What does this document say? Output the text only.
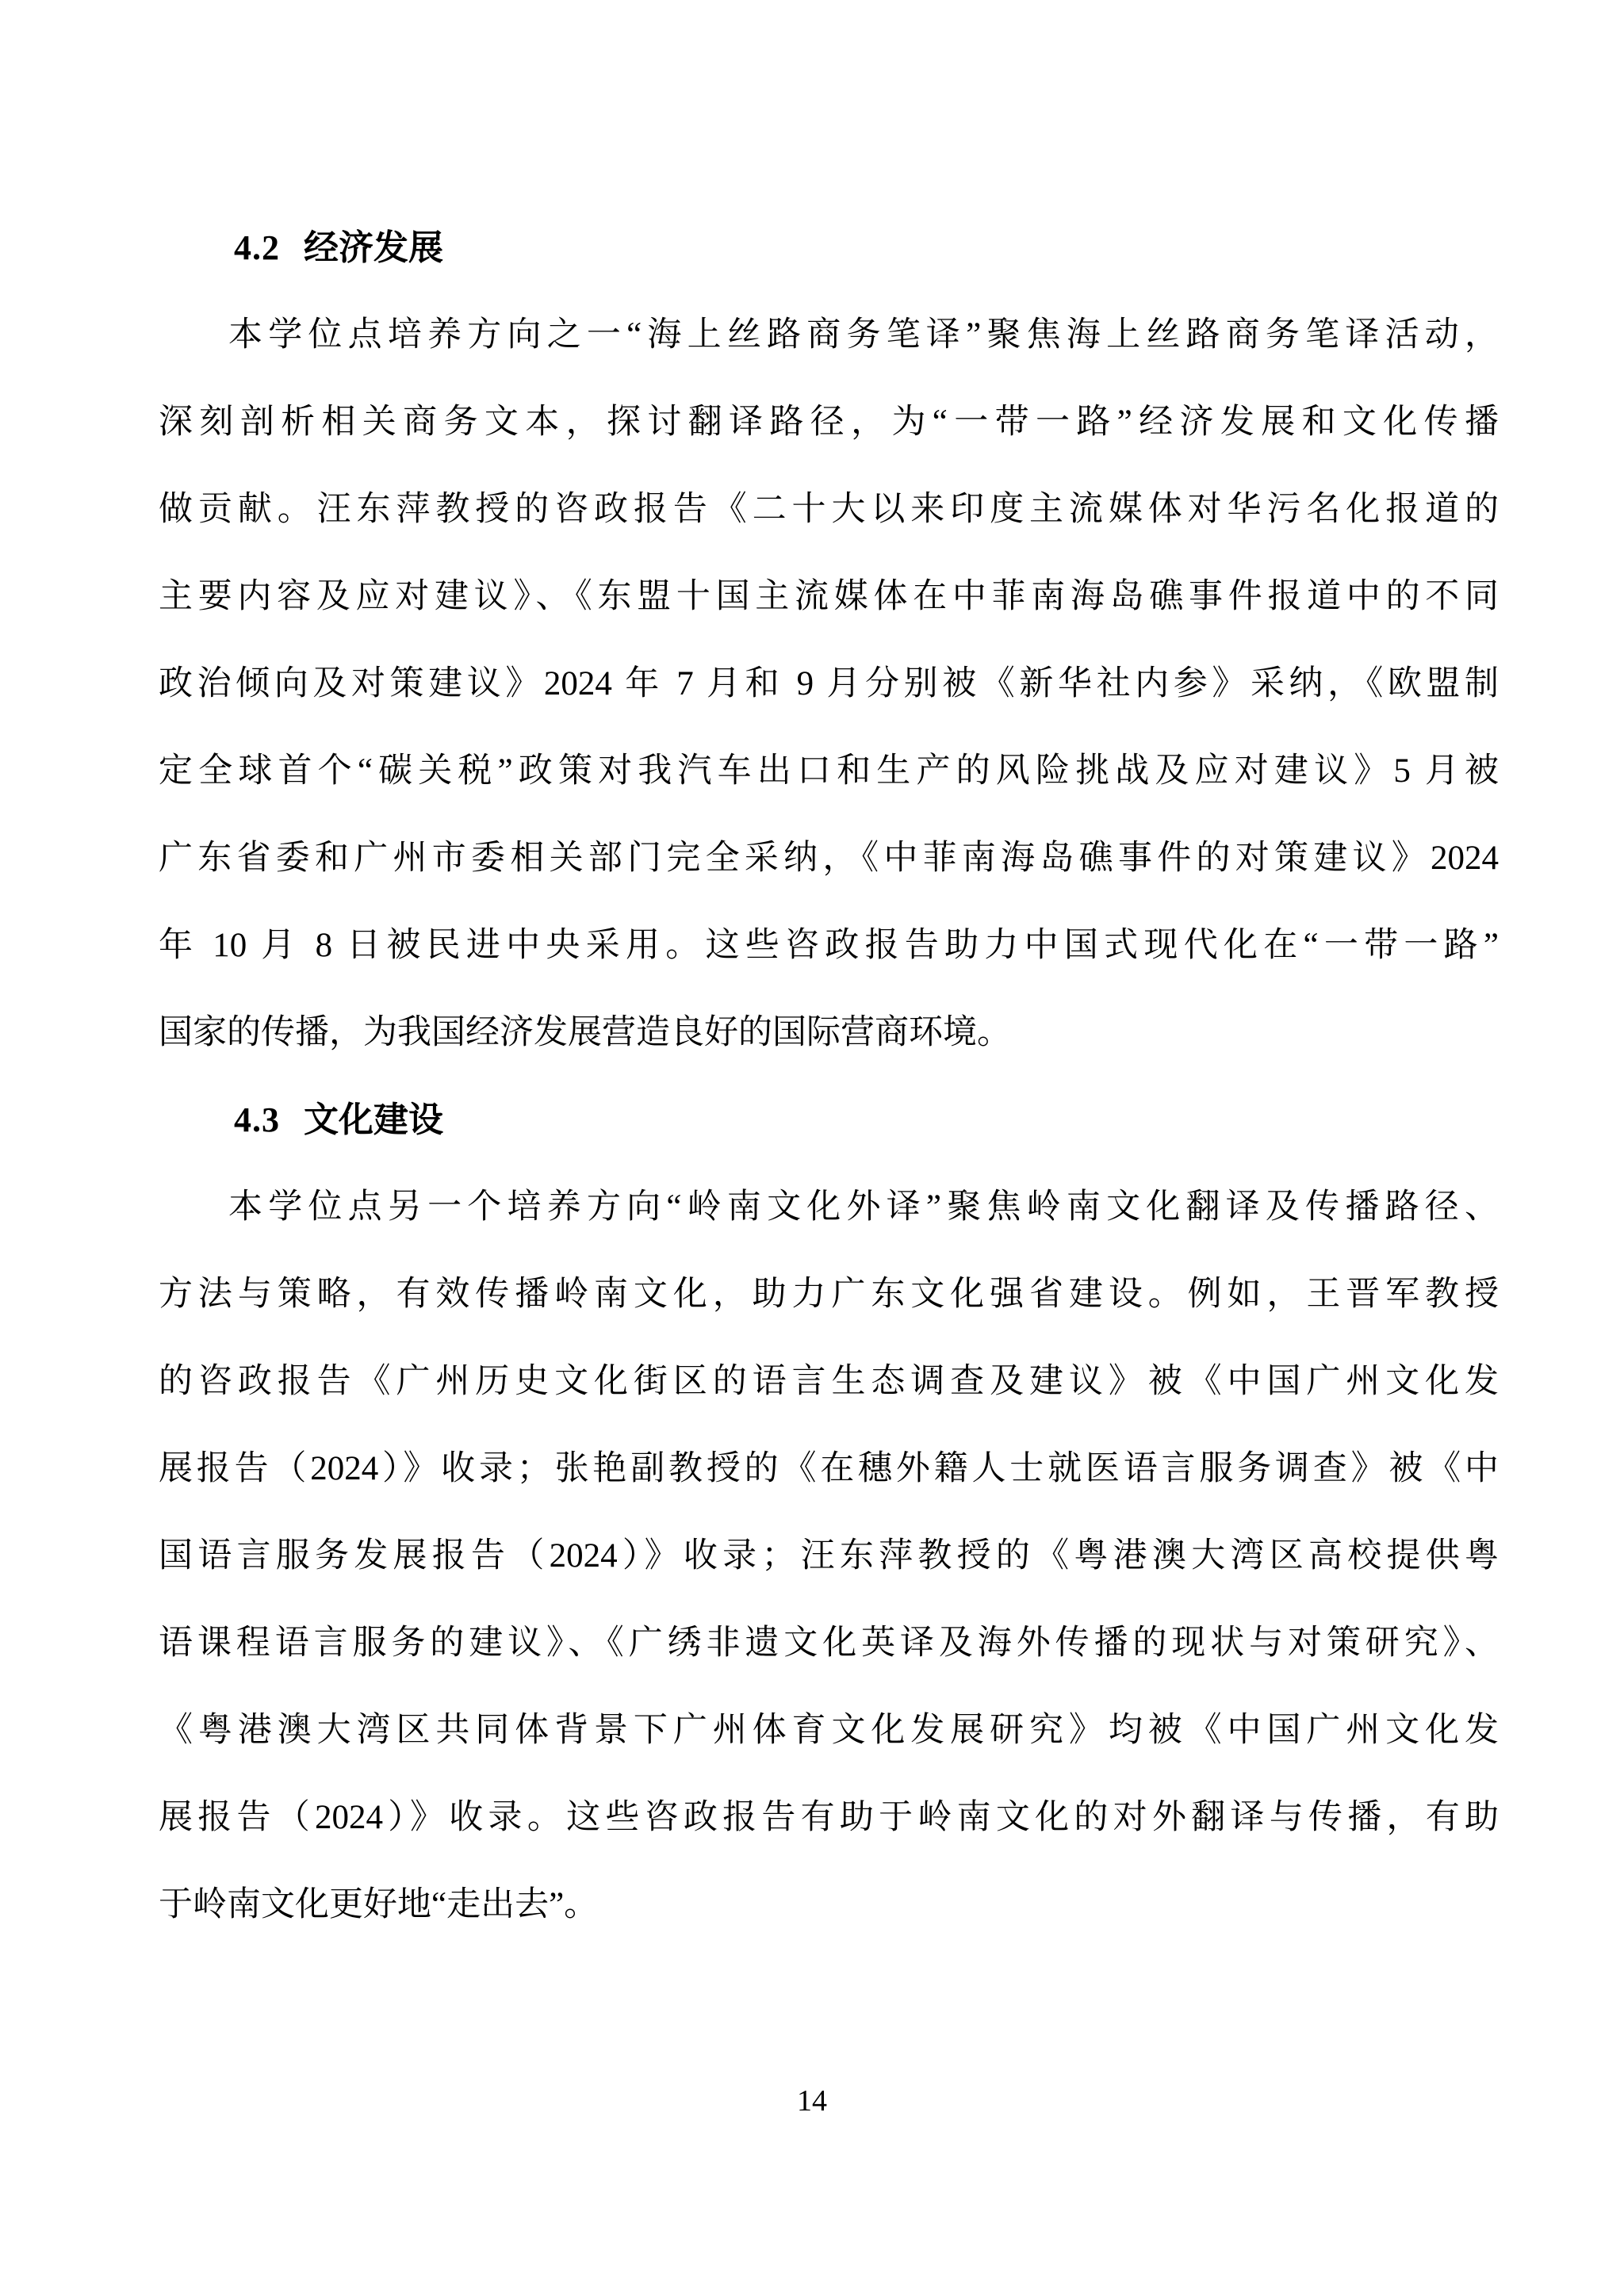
4.2 经济发展

本学位点培养方向之一“海上丝路商务笔译”聚焦海上丝路商务笔译活动，
深刻剖析相关商务文本，探讨翻译路径，为“一带一路”经济发展和文化传播
做贡献。汪东萍教授的咨政报告《二十大以来印度主流媒体对华污名化报道的
主要内容及应对建议》、《东盟十国主流媒体在中菲南海岛礁事件报道中的不同
政治倾向及对策建议》2024 年 7 月和 9 月分别被《新华社内参》采纳，《欧盟制
定全球首个“碳关税”政策对我汽车出口和生产的风险挑战及应对建议》5 月被
广东省委和广州市委相关部门完全采纳，《中菲南海岛礁事件的对策建议》2024
年 10 月 8 日被民进中央采用。这些咨政报告助力中国式现代化在“一带一路”
国家的传播，为我国经济发展营造良好的国际营商环境。

4.3 文化建设

本学位点另一个培养方向“岭南文化外译”聚焦岭南文化翻译及传播路径、
方法与策略，有效传播岭南文化，助力广东文化强省建设。例如，王晋军教授
的咨政报告《广州历史文化街区的语言生态调查及建议》被《中国广州文化发
展报告（2024）》收录；张艳副教授的《在穗外籍人士就医语言服务调查》被《中
国语言服务发展报告（2024）》收录；汪东萍教授的《粤港澳大湾区高校提供粤
语课程语言服务的建议》、《广绣非遗文化英译及海外传播的现状与对策研究》、
《粤港澳大湾区共同体背景下广州体育文化发展研究》均被《中国广州文化发
展报告（2024）》收录。这些咨政报告有助于岭南文化的对外翻译与传播，有助
于岭南文化更好地“走出去”。

14
